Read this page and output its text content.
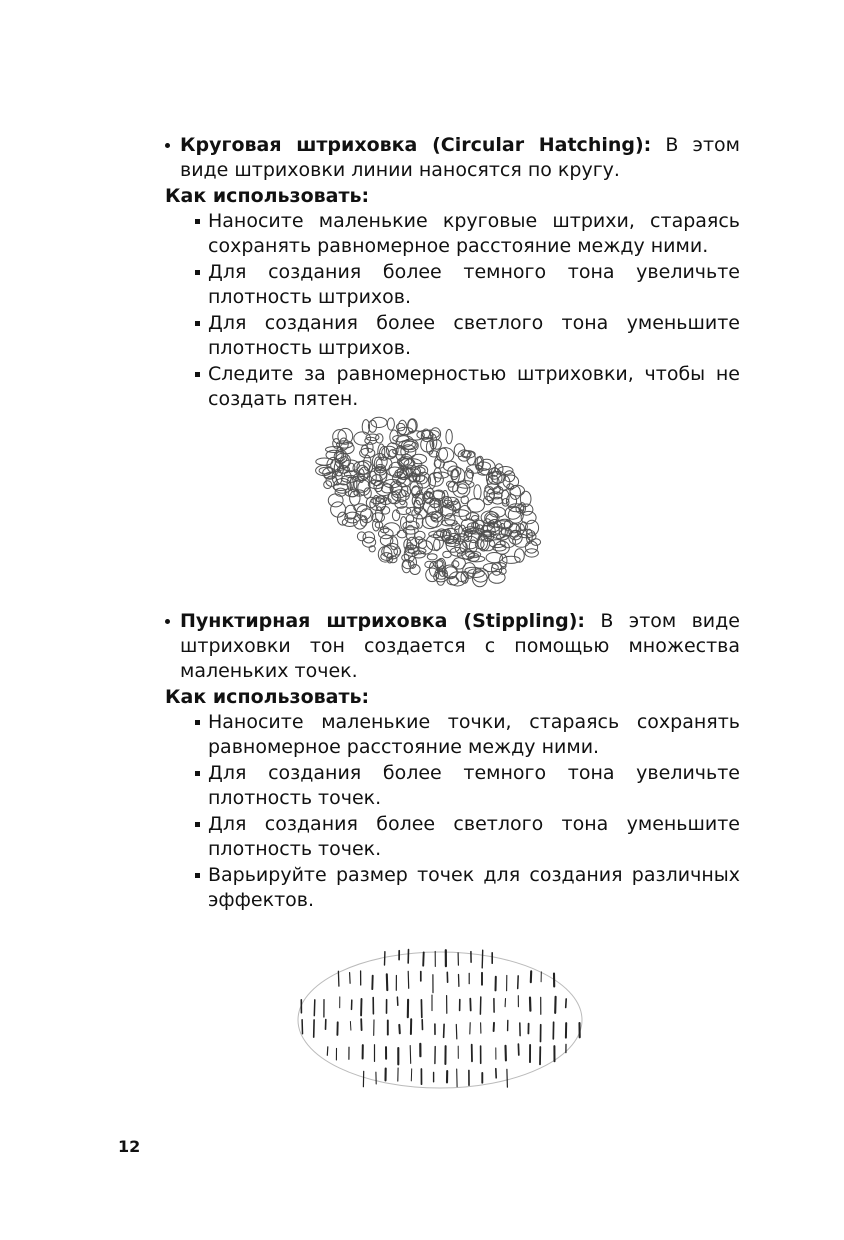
Круговая штриховка (Circular Hatching): В этом виде штриховки линии наносятся по кругу.

Как использовать:

Наносите маленькие круговые штрихи, стараясь сохранять равномерное расстояние между ними.
Для создания более темного тона увеличьте плотность штрихов.
Для создания более светлого тона уменьшите плотность штрихов.
Следите за равномерностью штриховки, чтобы не создать пятен.

Пунктирная штриховка (Stippling): В этом виде штриховки тон создается с помощью множества маленьких точек.

Как использовать:

Наносите маленькие точки, стараясь сохранять равномерное расстояние между ними.
Для создания более темного тона увеличьте плотность точек.
Для создания более светлого тона уменьшите плотность точек.
Варьируйте размер точек для создания различных эффектов.
12
